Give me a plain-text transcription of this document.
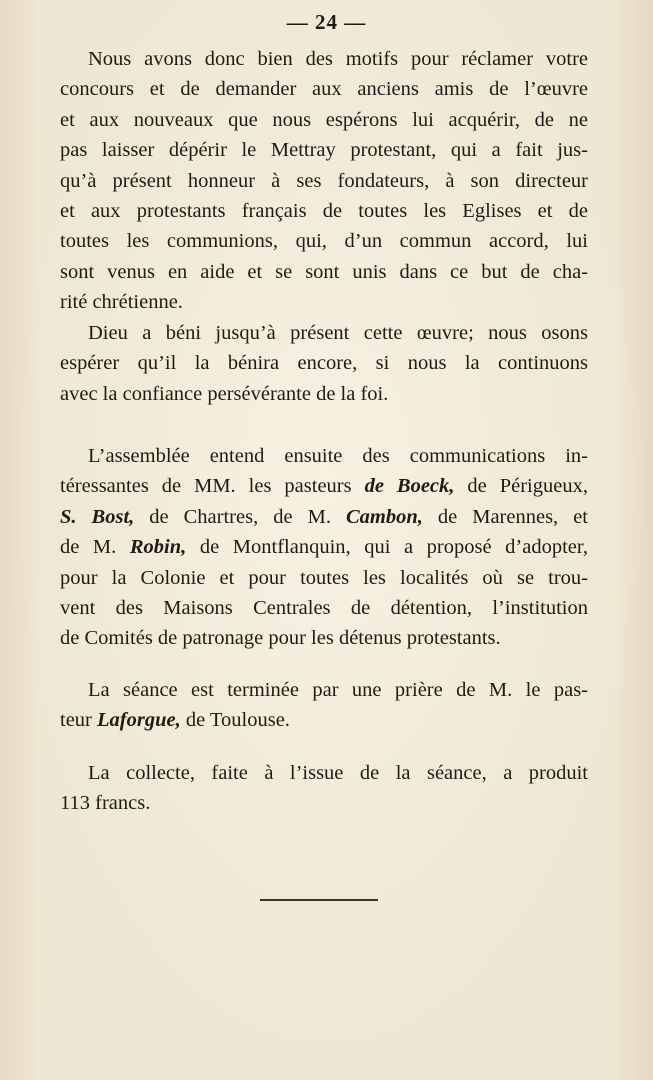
— 24 —

Nous avons donc bien des motifs pour réclamer votre
concours et de demander aux anciens amis de l’œuvre
et aux nouveaux que nous espérons lui acquérir, de ne
pas laisser dépérir le Mettray protestant, qui a fait jus-
qu’à présent honneur à ses fondateurs, à son directeur
et aux protestants français de toutes les Eglises et de
toutes les communions, qui, d’un commun accord, lui
sont venus en aide et se sont unis dans ce but de cha-
rité chrétienne.

Dieu a béni jusqu’à présent cette œuvre; nous osons
espérer qu’il la bénira encore, si nous la continuons
avec la confiance persévérante de la foi.

L’assemblée entend ensuite des communications in-
téressantes de MM. les pasteurs de Boeck, de Périgueux,
S. Bost, de Chartres, de M. Cambon, de Marennes, et
de M. Robin, de Montflanquin, qui a proposé d’adopter,
pour la Colonie et pour toutes les localités où se trou-
vent des Maisons Centrales de détention, l’institution
de Comités de patronage pour les détenus protestants.

La séance est terminée par une prière de M. le pas-
teur Laforgue, de Toulouse.

La collecte, faite à l’issue de la séance, a produit
113 francs.
